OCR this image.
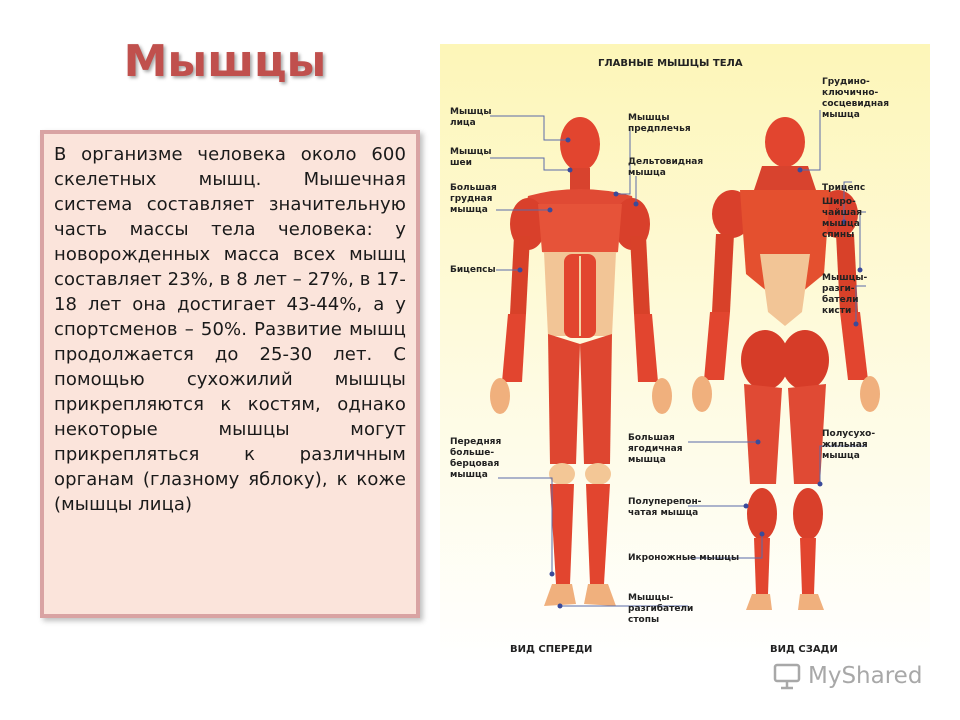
Мышцы

В организме человека около 600 скелетных мышц. Мышечная система составляет значительную часть массы тела человека: у новорожденных масса всех мышц составляет 23%, в 8 лет – 27%, в 17-18 лет она достигает 43-44%, а у спортсменов – 50%. Развитие мышц продолжается до 25-30 лет. С помощью сухожилий мышцы прикрепляются к костям, однако некоторые мышцы могут прикрепляться к различным органам (глазному яблоку), к коже (мышцы лица)

ГЛАВНЫЕ МЫШЦЫ ТЕЛА
Мышцы лица
Мышцы шеи
Большая грудная мышца
Бицепсы
Передняя больше-берцовая мышца
Мышцы предплечья
Дельтовидная мышца
Большая ягодичная мышца
Полуперепон-чатая мышца
Икроножные мышцы
Мышцы-разгибатели стопы
Грудино-ключично-сосцевидная мышца
Трицепс
Широ-чайшая мышца спины
Мышцы-разги-батели кисти
Полусухо-жильная мышца
ВИД СПЕРЕДИ	ВИД СЗАДИ
MyShared
